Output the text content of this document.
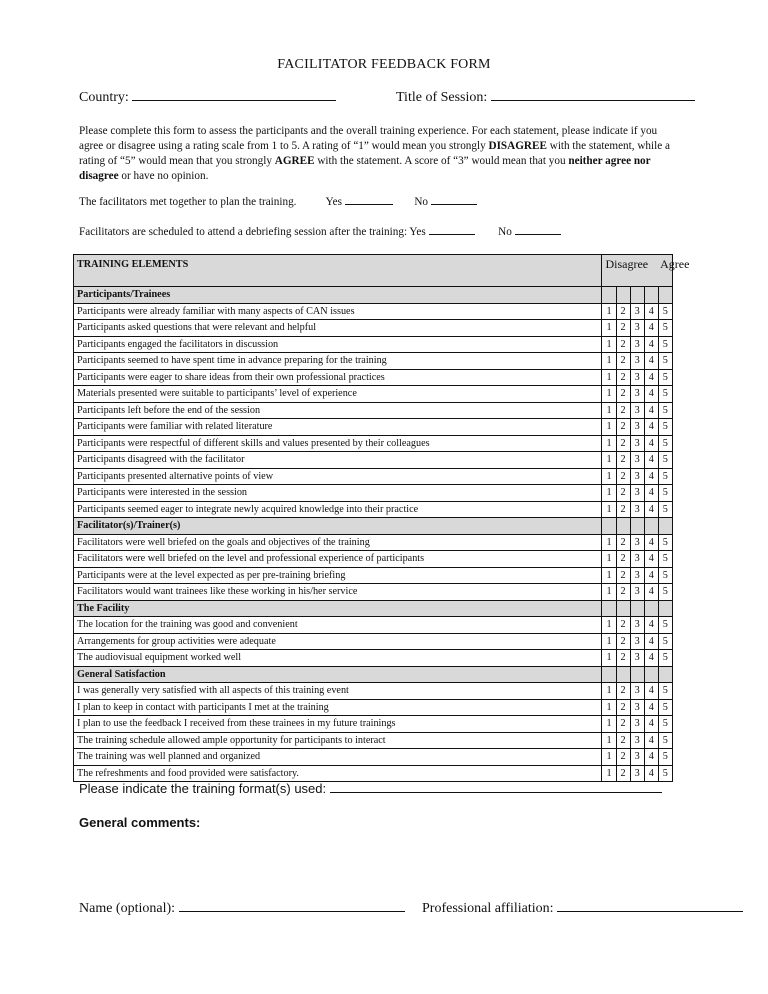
FACILITATOR FEEDBACK FORM
Country:	Title of Session:
Please complete this form to assess the participants and the overall training experience. For each statement, please indicate if you agree or disagree using a rating scale from 1 to 5. A rating of “1” would mean you strongly DISAGREE with the statement, while a rating of “5” would mean that you strongly AGREE with the statement. A score of “3” would mean that you neither agree nor disagree or have no opinion.
The facilitators met together to plan the training.	Yes	No
Facilitators are scheduled to attend a debriefing session after the training: Yes	No
TRAINING ELEMENTS	Disagree Agree				
Participants/Trainees					
Participants were already familiar with many aspects of CAN issues	1	2	3	4	5
Participants asked questions that were relevant and helpful	1	2	3	4	5
Participants engaged the facilitators in discussion	1	2	3	4	5
Participants seemed to have spent time in advance preparing for the training	1	2	3	4	5
Participants were eager to share ideas from their own professional practices	1	2	3	4	5
Materials presented were suitable to participants’ level of experience	1	2	3	4	5
Participants left before the end of the session	1	2	3	4	5
Participants were familiar with related literature	1	2	3	4	5
Participants were respectful of different skills and values presented by their colleagues	1	2	3	4	5
Participants disagreed with the facilitator	1	2	3	4	5
Participants presented alternative points of view	1	2	3	4	5
Participants were interested in the session	1	2	3	4	5
Participants seemed eager to integrate newly acquired knowledge into their practice	1	2	3	4	5
Facilitator(s)/Trainer(s)					
Facilitators were well briefed on the goals and objectives of the training	1	2	3	4	5
Facilitators were well briefed on the level and professional experience of participants	1	2	3	4	5
Participants were at the level expected as per pre-training briefing	1	2	3	4	5
Facilitators would want trainees like these working in his/her service	1	2	3	4	5
The Facility					
The location for the training was good and convenient	1	2	3	4	5
Arrangements for group activities were adequate	1	2	3	4	5
The audiovisual equipment worked well	1	2	3	4	5
General Satisfaction					
I was generally very satisfied with all aspects of this training event	1	2	3	4	5
I plan to keep in contact with participants I met at the training	1	2	3	4	5
I plan to use the feedback I received from these trainees in my future trainings	1	2	3	4	5
The training schedule allowed ample opportunity for participants to interact	1	2	3	4	5
The training was well planned and organized	1	2	3	4	5
The refreshments and food provided were satisfactory.	1	2	3	4	5
Please indicate the training format(s) used:
General comments:
Name (optional):	Professional affiliation:
